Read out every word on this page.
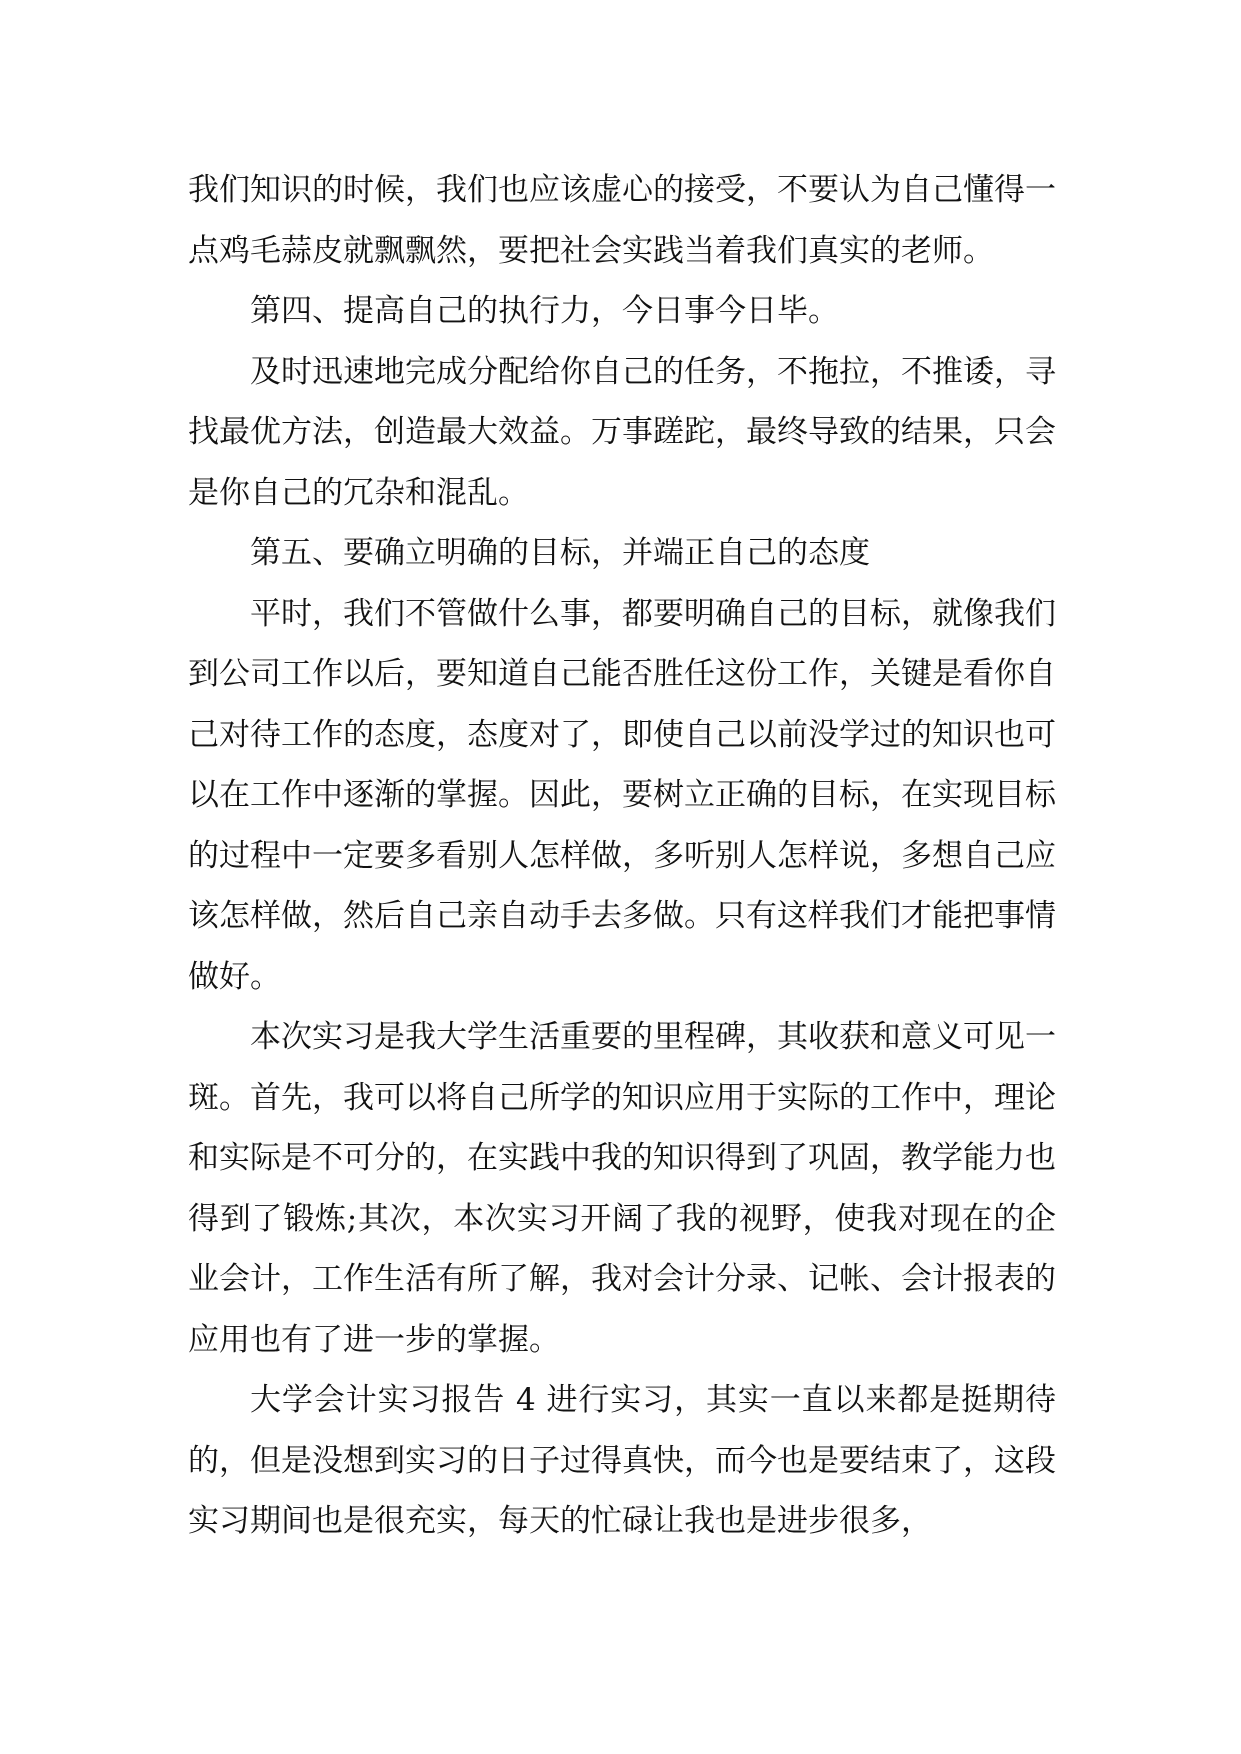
我们知识的时候，我们也应该虚心的接受，不要认为自己懂得一点鸡毛蒜皮就飘飘然，要把社会实践当着我们真实的老师。

第四、提高自己的执行力，今日事今日毕。

及时迅速地完成分配给你自己的任务，不拖拉，不推诿，寻找最优方法，创造最大效益。万事蹉跎，最终导致的结果，只会是你自己的冗杂和混乱。

第五、要确立明确的目标，并端正自己的态度

平时，我们不管做什么事，都要明确自己的目标，就像我们到公司工作以后，要知道自己能否胜任这份工作，关键是看你自己对待工作的态度，态度对了，即使自己以前没学过的知识也可以在工作中逐渐的掌握。因此，要树立正确的目标，在实现目标的过程中一定要多看别人怎样做，多听别人怎样说，多想自己应该怎样做，然后自己亲自动手去多做。只有这样我们才能把事情做好。

本次实习是我大学生活重要的里程碑，其收获和意义可见一斑。首先，我可以将自己所学的知识应用于实际的工作中，理论和实际是不可分的，在实践中我的知识得到了巩固，教学能力也得到了锻炼;其次，本次实习开阔了我的视野，使我对现在的企业会计，工作生活有所了解，我对会计分录、记帐、会计报表的应用也有了进一步的掌握。

大学会计实习报告 4 进行实习，其实一直以来都是挺期待的，但是没想到实习的日子过得真快，而今也是要结束了，这段实习期间也是很充实，每天的忙碌让我也是进步很多，
